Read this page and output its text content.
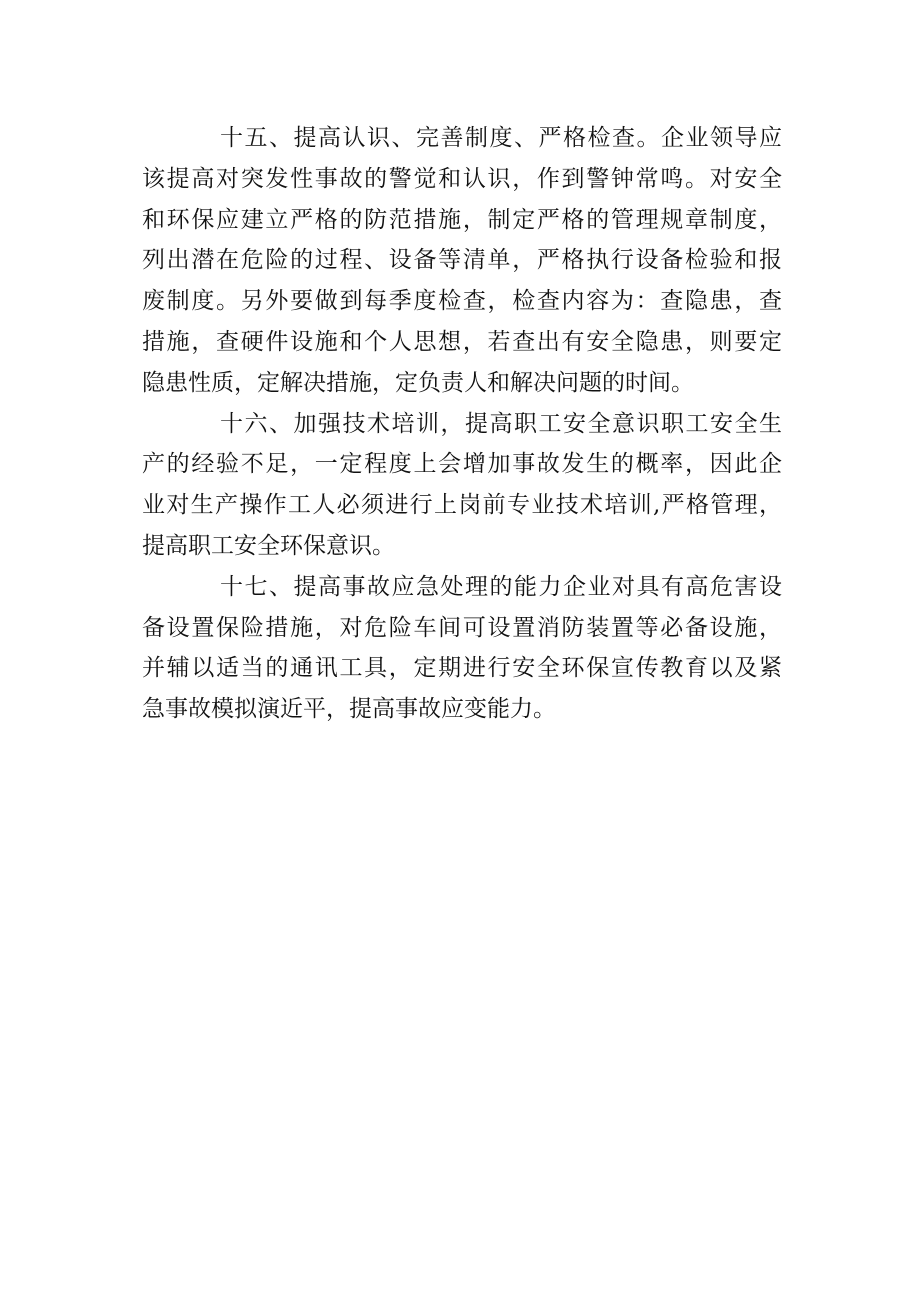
十五、提高认识、完善制度、严格检查。企业领导应
该提高对突发性事故的警觉和认识，作到警钟常鸣。对安全
和环保应建立严格的防范措施，制定严格的管理规章制度，
列出潜在危险的过程、设备等清单，严格执行设备检验和报
废制度。另外要做到每季度检查，检查内容为：查隐患，查
措施，查硬件设施和个人思想，若查出有安全隐患，则要定
隐患性质，定解决措施，定负责人和解决问题的时间。
十六、加强技术培训，提高职工安全意识职工安全生
产的经验不足，一定程度上会增加事故发生的概率，因此企
业对生产操作工人必须进行上岗前专业技术培训,严格管理，
提高职工安全环保意识。
十七、提高事故应急处理的能力企业对具有高危害设
备设置保险措施，对危险车间可设置消防装置等必备设施，
并辅以适当的通讯工具，定期进行安全环保宣传教育以及紧
急事故模拟演近平，提高事故应变能力。
